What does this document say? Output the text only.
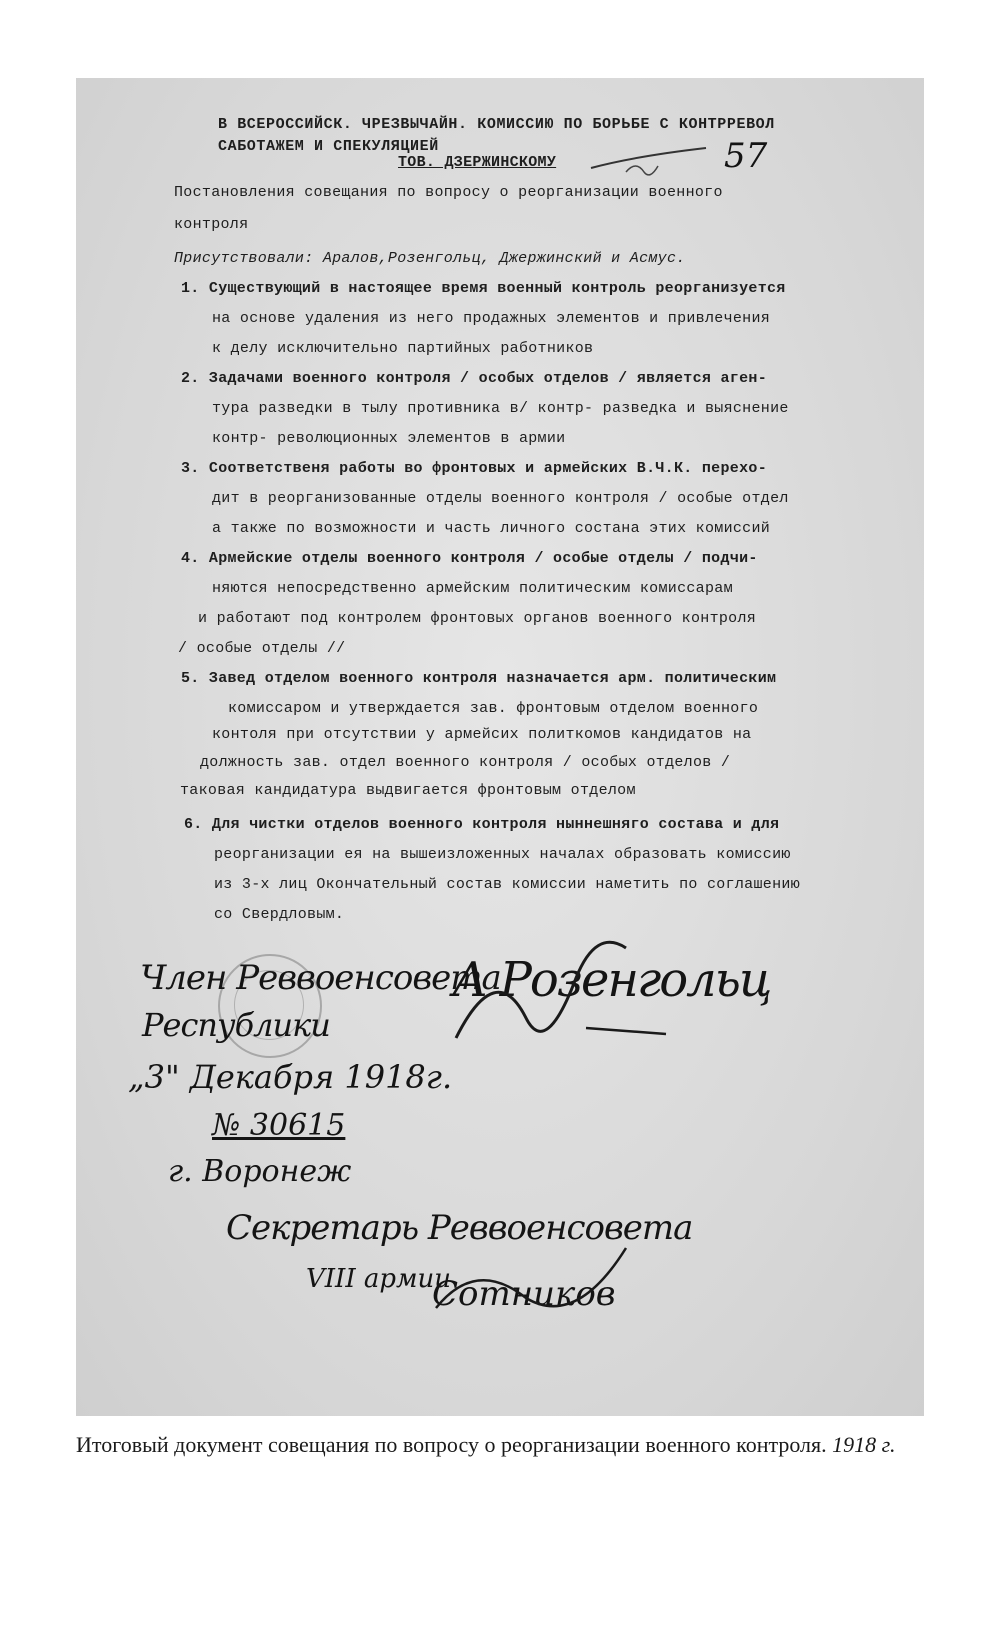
В ВСЕРОССИЙСК. ЧРЕЗВЫЧАЙН. КОМИССИЮ ПО БОРЬБЕ С КОНТРРЕВОЛ
САБОТАЖЕМ И СПЕКУЛЯЦИЕЙ
ТОВ. ДЗЕРЖИНСКОМУ	57
Постановления совещания по вопросу о реорганизации военного
контроля
Присутствовали: Аралов,Розенгольц, Джержинский и Асмус.
1. Существующий в настоящее время военный контроль реорганизуется
на основе удаления из него продажных элементов и привлечения
к делу исключительно партийных работников
2. Задачами военного контроля / особых отделов / является аген-
тура разведки в тылу противника в/ контр- разведка и выяснение
контр- революционных элементов в армии
3. Соответственя работы во фронтовых и армейских В.Ч.К. перехо-
дит в реорганизованные отделы военного контроля / особые отдел
а также по возможности и часть личного состана этих комиссий
4. Армейские отделы военного контроля / особые отделы / подчи-
няются непосредственно армейским политическим комиссарам
и работают под контролем фронтовых органов военного контроля
/ особые отделы //
5. Завед отделом военного контроля назначается арм. политическим
комиссаром и утверждается зав. фронтовым отделом военного
контоля при отсутствии у армейсих политкомов кандидатов на
должность зав. отдел военного контроля / особых отделов /
таковая кандидатура выдвигается фронтовым отделом
6. Для чистки отделов военного контроля ныннешняго состава и для
реорганизации ея на вышеизложенных началах образовать комиссию
из 3-х лиц Окончательный состав комиссии наметить по соглашению
со Свердловым.
Член Реввоенсовета
Республики
А Розенгольц
„3" Декабря 1918г.
№ 30615
г. Воронеж
Секретарь Реввоенсовета
VIII армии
Сотников
Итоговый документ совещания по вопросу о реорганизации военного контроля. 1918 г.
